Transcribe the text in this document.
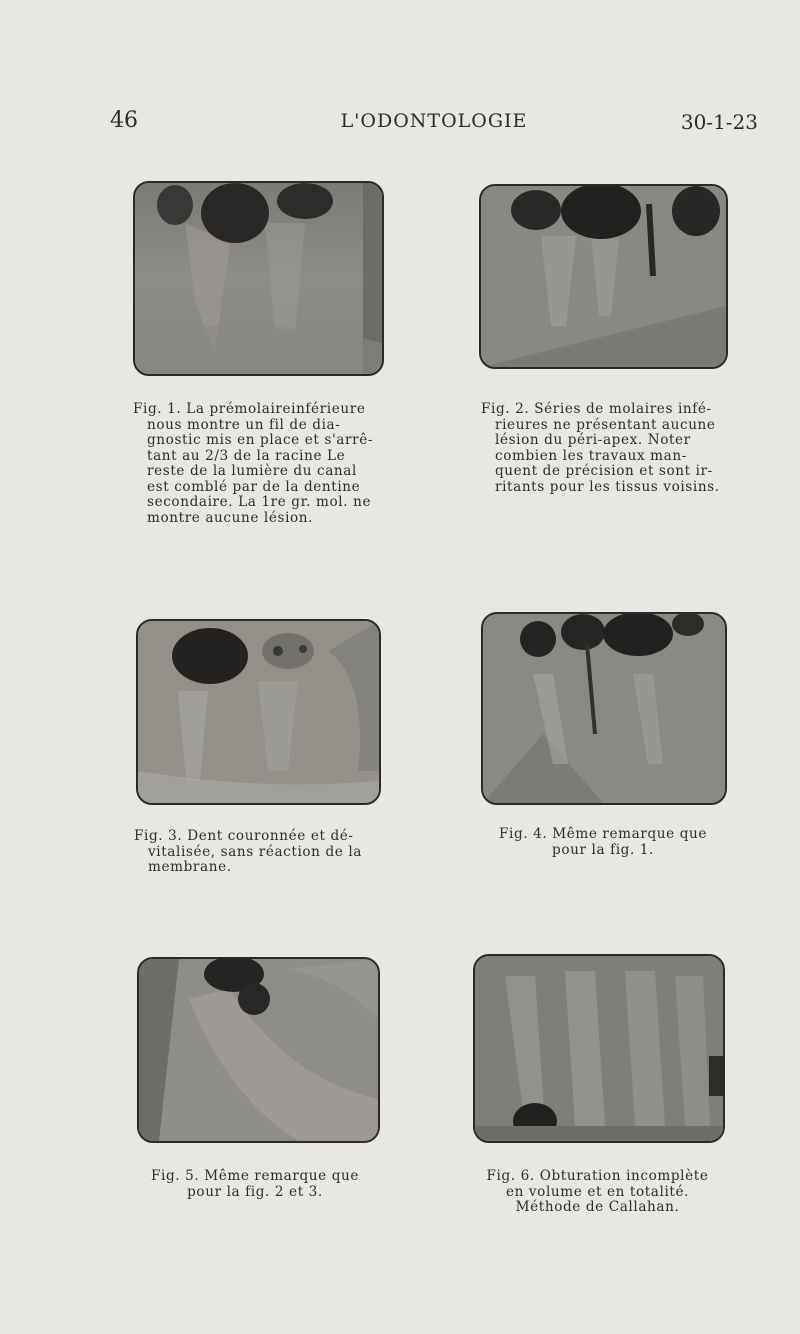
46	L'ODONTOLOGIE	30-1-23
Fig. 1. La prémolaireinférieure
nous montre un fil de dia-
gnostic mis en place et s'arrê-
tant au 2/3 de la racine Le
reste de la lumière du canal
est comblé par de la dentine
secondaire. La 1re gr. mol. ne
montre aucune lésion.
Fig. 2. Séries de molaires infé-
rieures ne présentant aucune
lésion du péri-apex. Noter
combien les travaux man-
quent de précision et sont ir-
ritants pour les tissus voisins.
Fig. 3. Dent couronnée et dé-
vitalisée, sans réaction de la
membrane.
Fig. 4. Même remarque que
pour la fig. 1.
Fig. 5. Même remarque que
pour la fig. 2 et 3.
Fig. 6. Obturation incomplète
en volume et en totalité.
Méthode de Callahan.
